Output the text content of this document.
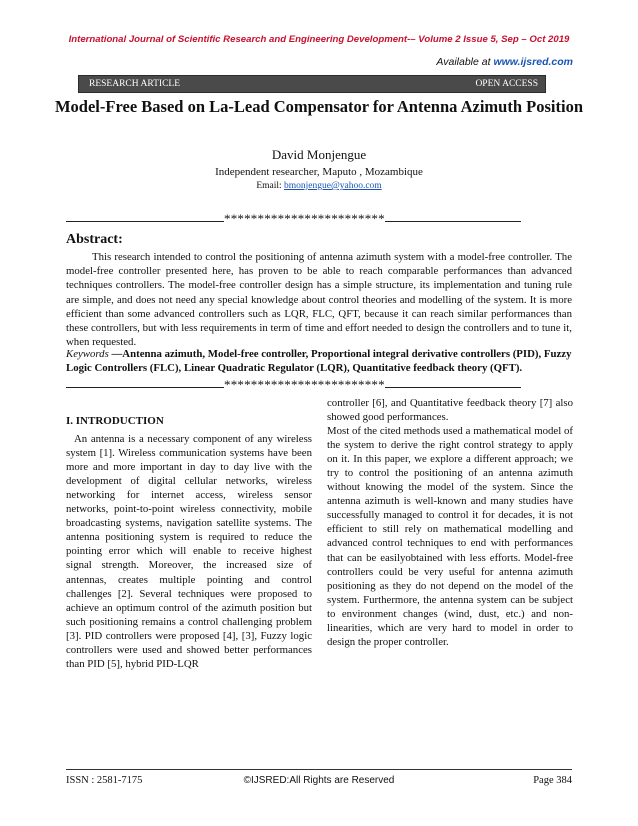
International Journal of Scientific Research and Engineering Development-– Volume 2 Issue 5, Sep – Oct 2019
Available at www.ijsred.com
RESEARCH ARTICLE	OPEN ACCESS
Model-Free Based on La-Lead Compensator for Antenna Azimuth Position
David Monjengue
Independent researcher, Maputo , Mozambique
Email: bmonjengue@yahoo.com
************************
Abstract:

This research intended to control the positioning of antenna azimuth system with a model-free controller. The model-free controller presented here, has proven to be able to reach comparable performances than advanced techniques controllers. The model-free controller design has a simple structure, its implementation and tuning rule are simple, and does not need any special knowledge about control theories and modelling of the system. It is more efficient than some advanced controllers such as LQR, FLC, QFT, because it can reach similar performances than these controllers, but with less requirements in term of time and effort needed to design the controllers and to tune it, when requested.

Keywords —Antenna azimuth, Model-free controller, Proportional integral derivative controllers (PID), Fuzzy Logic Controllers (FLC), Linear Quadratic Regulator (LQR), Quantitative feedback theory (QFT).

************************
I. INTRODUCTION

An antenna is a necessary component of any wireless system [1]. Wireless communication systems have been more and more important in day to day live with the development of digital cellular networks, wireless networking for internet access, wireless sensor networks, point-to-point wireless connectivity, mobile broadcasting systems, navigation satellite systems. The antenna positioning system is required to reduce the pointing error which will enable to receive highest signal strength. Moreover, the increased size of antennas, creates multiple pointing and control challenges [2]. Several techniques were proposed to achieve an optimum control of the azimuth position but such positioning remains a control challenging problem [3]. PID controllers were proposed [4], [3], Fuzzy logic controllers were used and showed better performances than PID [5], hybrid PID-LQR

controller [6], and Quantitative feedback theory [7] also showed good performances.

Most of the cited methods used a mathematical model of the system to derive the right control strategy to apply on it. In this paper, we explore a different approach; we try to control the positioning of an antenna azimuth without knowing the model of the system. Since the antenna azimuth is well-known and many studies have successfully managed to control it for decades, it is not efficient to still rely on mathematical modelling and advanced control techniques to end with performances that can be easilyobtained with less efforts. Model-free controllers could be very useful for antenna azimuth positioning as they do not depend on the model of the system. Furthermore, the antenna system can be subject to environment changes (wind, dust, etc.) and non-linearities, which are very hard to model in order to design the proper controller.

ISSN : 2581-7175	©IJSRED:All Rights are Reserved	Page 384
